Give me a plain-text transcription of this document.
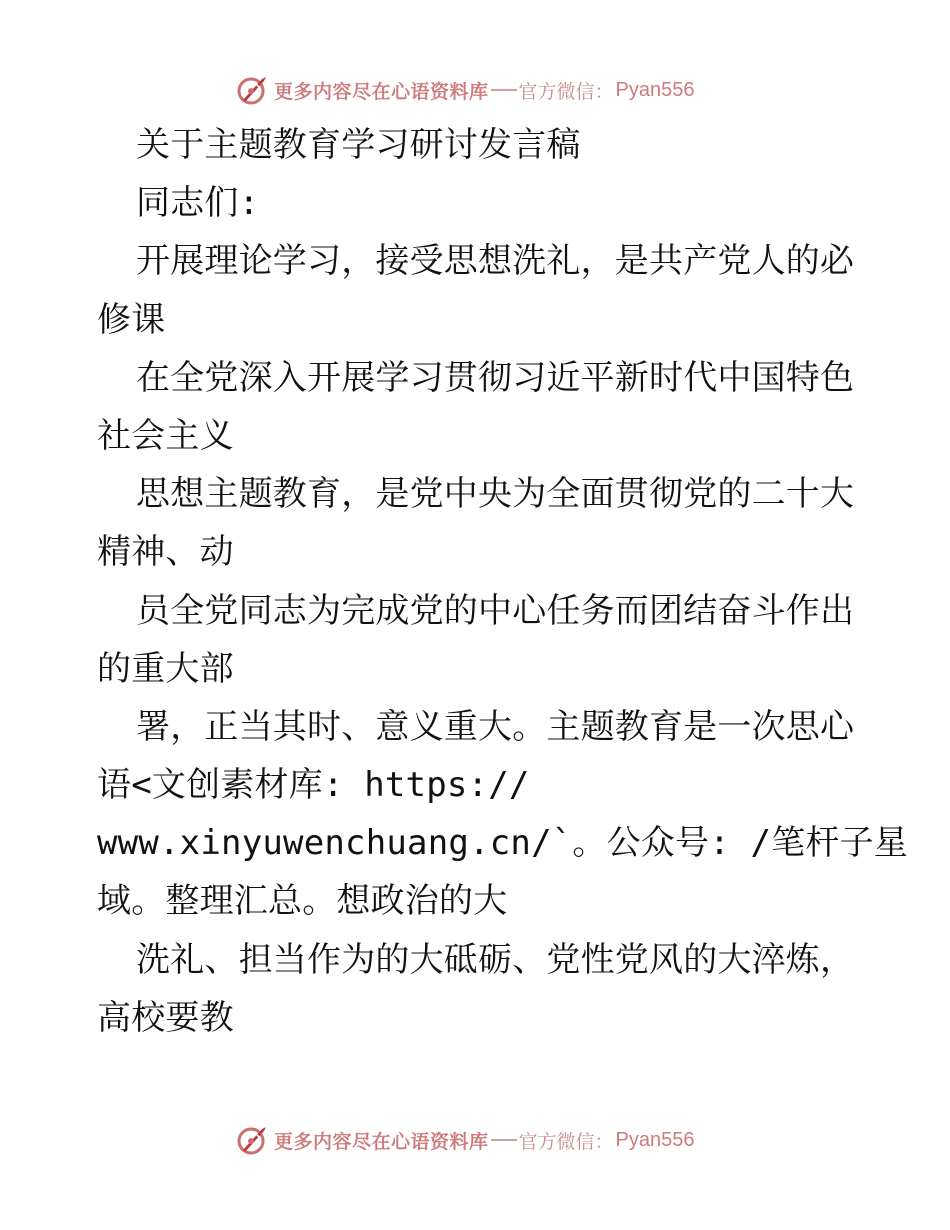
更多内容尽在心语资料库 官方微信： Pyan556
关于主题教育学习研讨发言稿
同志们:
开展理论学习，接受思想洗礼，是共产党人的必
修课
在全党深入开展学习贯彻习近平新时代中国特色
社会主义
思想主题教育，是党中央为全面贯彻党的二十大
精神、动
员全党同志为完成党的中心任务而团结奋斗作出
的重大部
署，正当其时、意义重大。主题教育是一次思心
语<文创素材库: https://
www.xinyuwenchuang.cn/`。公众号: /笔杆子星
域。整理汇总。想政治的大
洗礼、担当作为的大砥砺、党性党风的大淬炼，
高校要教
更多内容尽在心语资料库 官方微信： Pyan556
